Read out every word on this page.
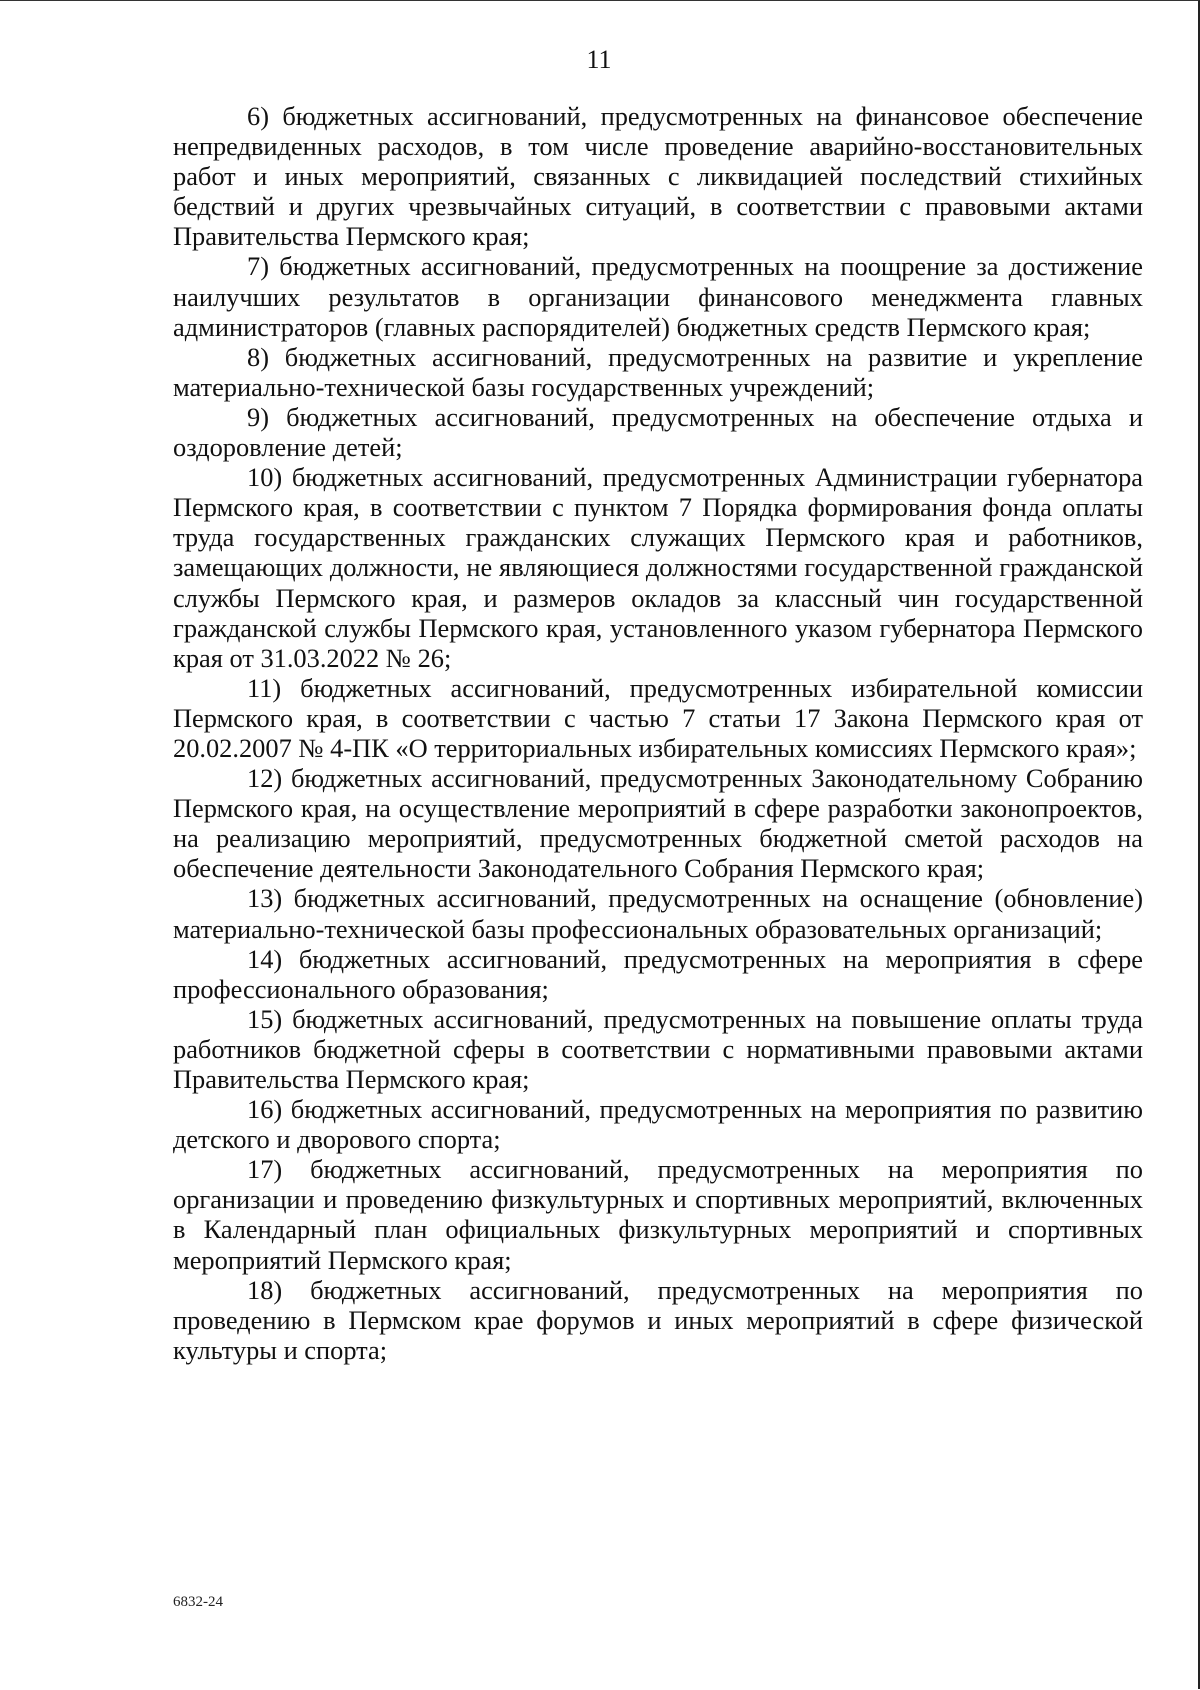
11

6) бюджетных ассигнований, предусмотренных на финансовое обеспечение непредвиденных расходов, в том числе проведение аварийно-восстановительных работ и иных мероприятий, связанных с ликвидацией последствий стихийных бедствий и других чрезвычайных ситуаций, в соответствии с правовыми актами Правительства Пермского края;

7) бюджетных ассигнований, предусмотренных на поощрение за достижение наилучших результатов в организации финансового менеджмента главных администраторов (главных распорядителей) бюджетных средств Пермского края;

8) бюджетных ассигнований, предусмотренных на развитие и укрепление материально-технической базы государственных учреждений;

9) бюджетных ассигнований, предусмотренных на обеспечение отдыха и оздоровление детей;

10) бюджетных ассигнований, предусмотренных Администрации губернатора Пермского края, в соответствии с пунктом 7 Порядка формирования фонда оплаты труда государственных гражданских служащих Пермского края и работников, замещающих должности, не являющиеся должностями государственной гражданской службы Пермского края, и размеров окладов за классный чин государственной гражданской службы Пермского края, установленного указом губернатора Пермского края от 31.03.2022 № 26;

11) бюджетных ассигнований, предусмотренных избирательной комиссии Пермского края, в соответствии с частью 7 статьи 17 Закона Пермского края от 20.02.2007 № 4-ПК «О территориальных избирательных комиссиях Пермского края»;

12) бюджетных ассигнований, предусмотренных Законодательному Собранию Пермского края, на осуществление мероприятий в сфере разработки законопроектов, на реализацию мероприятий, предусмотренных бюджетной сметой расходов на обеспечение деятельности Законодательного Собрания Пермского края;

13) бюджетных ассигнований, предусмотренных на оснащение (обновление) материально-технической базы профессиональных образовательных организаций;

14) бюджетных ассигнований, предусмотренных на мероприятия в сфере профессионального образования;

15) бюджетных ассигнований, предусмотренных на повышение оплаты труда работников бюджетной сферы в соответствии с нормативными правовыми актами Правительства Пермского края;

16) бюджетных ассигнований, предусмотренных на мероприятия по развитию детского и дворового спорта;

17) бюджетных ассигнований, предусмотренных на мероприятия по организации и проведению физкультурных и спортивных мероприятий, включенных в Календарный план официальных физкультурных мероприятий и спортивных мероприятий Пермского края;

18) бюджетных ассигнований, предусмотренных на мероприятия по проведению в Пермском крае форумов и иных мероприятий в сфере физической культуры и спорта;

6832-24
